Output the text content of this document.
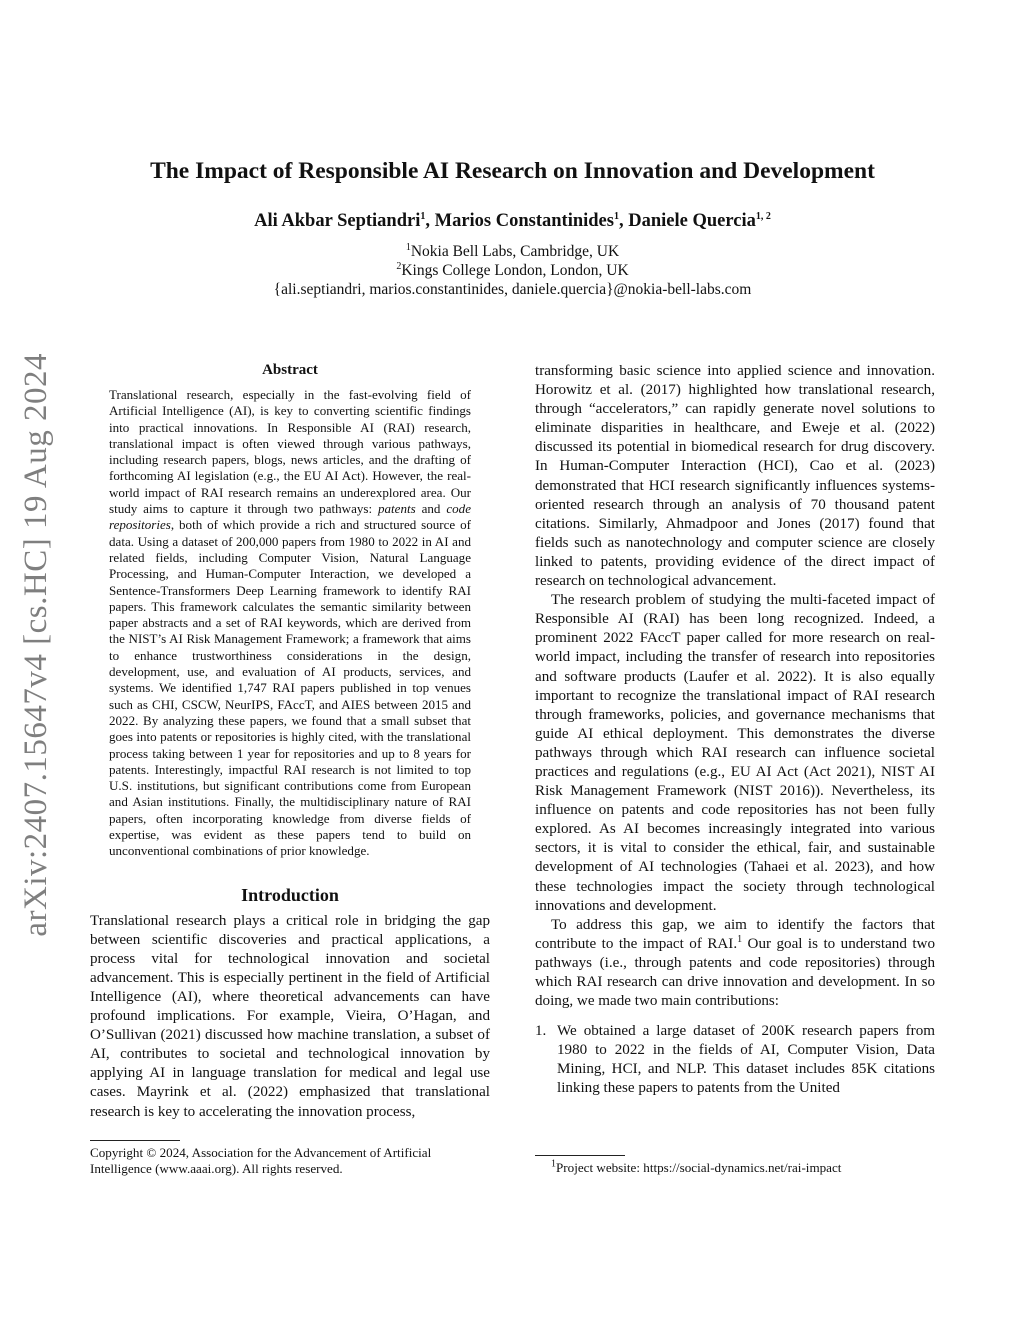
arXiv:2407.15647v4 [cs.HC] 19 Aug 2024
The Impact of Responsible AI Research on Innovation and Development
Ali Akbar Septiandri$^1$, Marios Constantinides$^1$, Daniele Quercia$^{1, 2}$
$^1$Nokia Bell Labs, Cambridge, UK
$^2$Kings College London, London, UK
{ali.septiandri, marios.constantinides, daniele.quercia}@nokia-bell-labs.com
Abstract

Translational research, especially in the fast-evolving field of Artificial Intelligence (AI), is key to converting scientific findings into practical innovations. In Responsible AI (RAI) research, translational impact is often viewed through various pathways, including research papers, blogs, news articles, and the drafting of forthcoming AI legislation (e.g., the EU AI Act). However, the real-world impact of RAI research remains an underexplored area. Our study aims to capture it through two pathways: patents and code repositories, both of which provide a rich and structured source of data. Using a dataset of 200,000 papers from 1980 to 2022 in AI and related fields, including Computer Vision, Natural Language Processing, and Human-Computer Interaction, we developed a Sentence-Transformers Deep Learning framework to identify RAI papers. This framework calculates the semantic similarity between paper abstracts and a set of RAI keywords, which are derived from the NIST’s AI Risk Management Framework; a framework that aims to enhance trustworthiness considerations in the design, development, use, and evaluation of AI products, services, and systems. We identified 1,747 RAI papers published in top venues such as CHI, CSCW, NeurIPS, FAccT, and AIES between 2015 and 2022. By analyzing these papers, we found that a small subset that goes into patents or repositories is highly cited, with the translational process taking between 1 year for repositories and up to 8 years for patents. Interestingly, impactful RAI research is not limited to top U.S. institutions, but significant contributions come from European and Asian institutions. Finally, the multidisciplinary nature of RAI papers, often incorporating knowledge from diverse fields of expertise, was evident as these papers tend to build on unconventional combinations of prior knowledge.

Introduction

Translational research plays a critical role in bridging the gap between scientific discoveries and practical applications, a process vital for technological innovation and societal advancement. This is especially pertinent in the field of Artificial Intelligence (AI), where theoretical advancements can have profound implications. For example, Vieira, O’Hagan, and O’Sullivan (2021) discussed how machine translation, a subset of AI, contributes to societal and technological innovation by applying AI in language translation for medical and legal use cases. Mayrink et al. (2022) emphasized that translational research is key to accelerating the innovation process,

transforming basic science into applied science and innovation. Horowitz et al. (2017) highlighted how translational research, through “accelerators,” can rapidly generate novel solutions to eliminate disparities in healthcare, and Eweje et al. (2022) discussed its potential in biomedical research for drug discovery. In Human-Computer Interaction (HCI), Cao et al. (2023) demonstrated that HCI research significantly influences systems-oriented research through an analysis of 70 thousand patent citations. Similarly, Ahmadpoor and Jones (2017) found that fields such as nanotechnology and computer science are closely linked to patents, providing evidence of the direct impact of research on technological advancement.

The research problem of studying the multi-faceted impact of Responsible AI (RAI) has been long recognized. Indeed, a prominent 2022 FAccT paper called for more research on real-world impact, including the transfer of research into repositories and software products (Laufer et al. 2022). It is also equally important to recognize the translational impact of RAI research through frameworks, policies, and governance mechanisms that guide AI ethical deployment. This demonstrates the diverse pathways through which RAI research can influence societal practices and regulations (e.g., EU AI Act (Act 2021), NIST AI Risk Management Framework (NIST 2016)). Nevertheless, its influence on patents and code repositories has not been fully explored. As AI becomes increasingly integrated into various sectors, it is vital to consider the ethical, fair, and sustainable development of AI technologies (Tahaei et al. 2023), and how these technologies impact the society through technological innovations and development.

To address this gap, we aim to identify the factors that contribute to the impact of RAI.$^1$ Our goal is to understand two pathways (i.e., through patents and code repositories) through which RAI research can drive innovation and development. In so doing, we made two main contributions:

1. We obtained a large dataset of 200K research papers from 1980 to 2022 in the fields of AI, Computer Vision, Data Mining, HCI, and NLP. This dataset includes 85K citations linking these papers to patents from the United

Copyright © 2024, Association for the Advancement of Artificial Intelligence (www.aaai.org). All rights reserved.	$^1$Project website: https://social-dynamics.net/rai-impact
